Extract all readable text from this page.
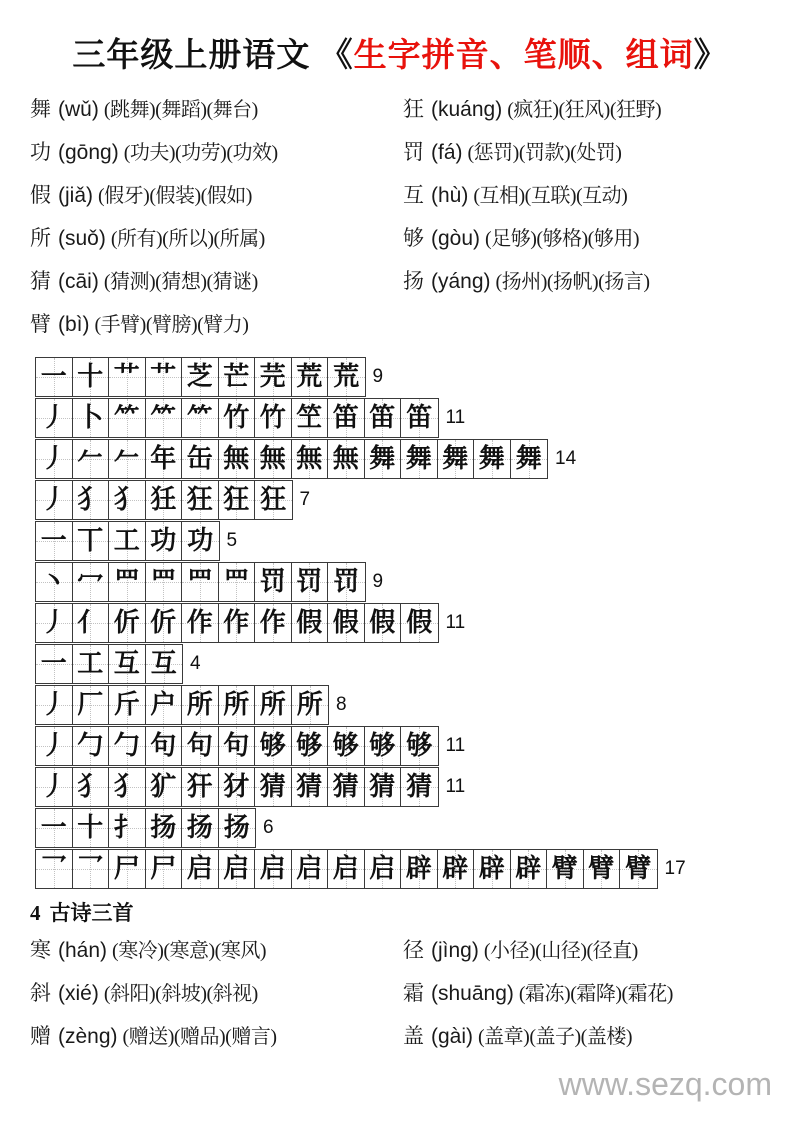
三年级上册语文 《生字拼音、笔顺、组词》
舞 (wǔ) (跳舞)(舞蹈)(舞台)
功 (gōng) (功夫)(功劳)(功效)
假 (jiǎ) (假牙)(假装)(假如)
所 (suǒ) (所有)(所以)(所属)
猜 (cāi) (猜测)(猜想)(猜谜)
臂 (bì) (手臂)(臂膀)(臂力)
狂 (kuáng) (疯狂)(狂风)(狂野)
罚 (fá) (惩罚)(罚款)(处罚)
互 (hù) (互相)(互联)(互动)
够 (gòu) (足够)(够格)(够用)
扬 (yáng) (扬州)(扬帆)(扬言)
一 十 艹 艹 芝 芒 芫 荒 荒 9
丿 卜 ⺮ ⺮ ⺮ 竹 竹 笁 笛 笛 笛 11
丿 𠂉 𠂉 年 缶 無 無 無 無 舞 舞 舞 舞 舞 14
丿 犭 犭 狅 狂 狂 狂 7
一 丅 工 功 功 5
丶 冖 罒 罒 罒 罒 罚 罚 罚 9
丿 亻 伒 伒 作 作 作 假 假 假 假 11
一 工 互 互 4
丿 厂 斤 户 所 所 所 所 8
丿 勹 勹 句 句 句 够 够 够 够 够 11
丿 犭 犭 犷 犴 犲 猜 猜 猜 猜 猜 11
一 十 扌 扬 扬 扬 6
乛 乛 尸 尸 启 启 启 启 启 启 辟 辟 辟 辟 臂 臂 臂 17
4 古诗三首
寒 (hán) (寒冷)(寒意)(寒风)
斜 (xié) (斜阳)(斜坡)(斜视)
赠 (zèng) (赠送)(赠品)(赠言)
径 (jìng) (小径)(山径)(径直)
霜 (shuāng) (霜冻)(霜降)(霜花)
盖 (gài) (盖章)(盖子)(盖楼)
www.sezq.com
